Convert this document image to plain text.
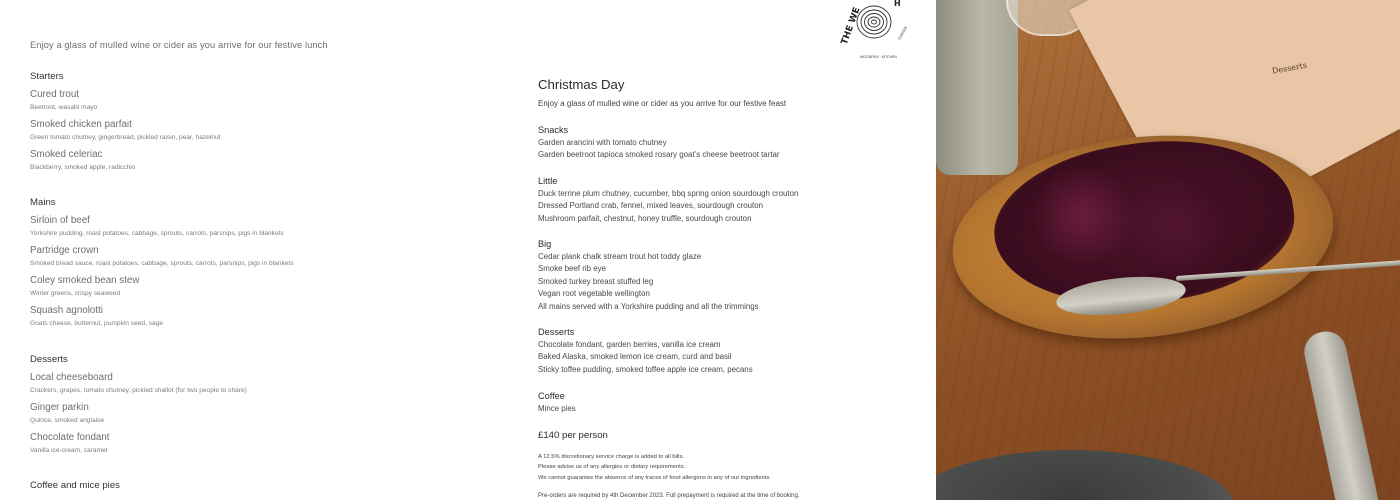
Enjoy a glass of mulled wine or cider as you arrive for our festive lunch
Starters
Cured trout
Beetroot, wasabi mayo
Smoked chicken parfait
Green tomato chutney, gingerbread, pickled raisin, pear, hazelnut
Smoked celeriac
Blackberry, smoked apple, radicchio
Mains
Sirloin of beef
Yorkshire pudding, roast potatoes, cabbage, sprouts, carrots, parsnips, pigs in blankets
Partridge crown
Smoked bread sauce, roast potatoes, cabbage, sprouts, carrots, parsnips, pigs in blankets
Coley smoked bean stew
Winter greens, crispy seaweed
Squash agnolotti
Goats cheese, butternut, pumpkin seed, sage
Desserts
Local cheeseboard
Crackers, grapes, tomato chutney, pickled shallot (for two people to share)
Ginger parkin
Quince, smoked anglaise
Chocolate fondant
Vanilla ice-cream, caramel
Coffee and mice pies
THE WE
H
WOODFIRE · KITCHEN
GARDEN
Christmas Day
Enjoy a glass of mulled wine or cider as you arrive for our festive feast
Snacks
Garden arancini with tomato chutney
Garden beetroot tapioca smoked rosary goat’s cheese beetroot tartar
Little
Duck terrine plum chutney, cucumber, bbq spring onion sourdough crouton
Dressed Portland crab, fennel, mixed leaves, sourdough crouton
Mushroom parfait, chestnut, honey truffle, sourdough crouton
Big
Cedar plank chalk stream trout hot toddy glaze
Smoke beef rib eye
Smoked turkey breast stuffed leg
Vegan root vegetable wellington
All mains served with a Yorkshire pudding and all the trimmings
Desserts
Chocolate fondant, garden berries, vanilla ice cream
Baked Alaska, smoked lemon ice cream, curd and basil
Sticky toffee pudding, smoked toffee apple ice cream, pecans
Coffee
Mince pies
£140 per person
A 12.5% discretionary service charge is added to all bills.
Please advise us of any allergies or dietary requirements.
We cannot guarantee the absence of any traces of food allergens in any of our ingredients.
Pre-orders are required by 4th December 2023. Full prepayment is required at the time of booking.
Desserts
